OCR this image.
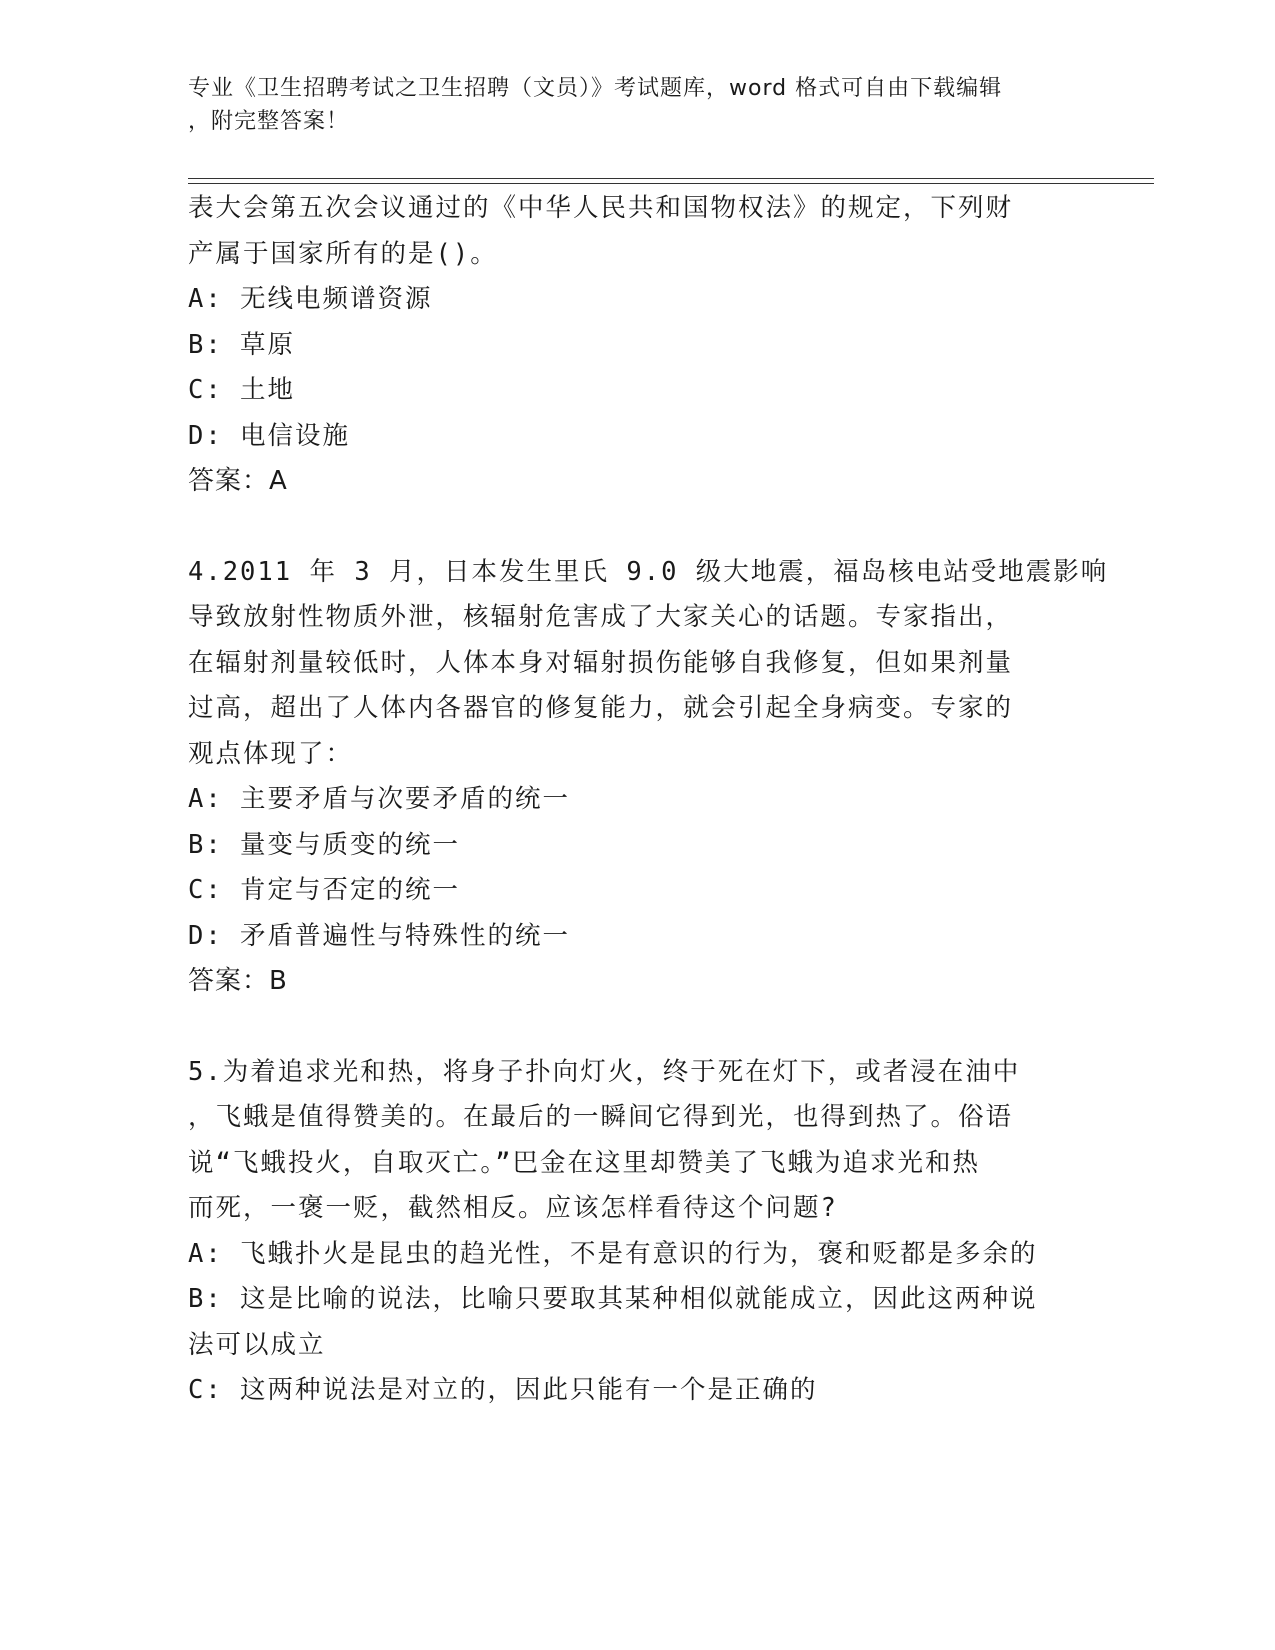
专业《卫生招聘考试之卫生招聘（文员）》考试题库，word 格式可自由下载编辑
，附完整答案！
表大会第五次会议通过的《中华人民共和国物权法》的规定，下列财
产属于国家所有的是()。
A: 无线电频谱资源
B: 草原
C: 土地
D: 电信设施
答案：A
4.2011 年 3 月，日本发生里氏 9.0 级大地震，福岛核电站受地震影响
导致放射性物质外泄，核辐射危害成了大家关心的话题。专家指出，
在辐射剂量较低时，人体本身对辐射损伤能够自我修复，但如果剂量
过高，超出了人体内各器官的修复能力，就会引起全身病变。专家的
观点体现了：
A: 主要矛盾与次要矛盾的统一
B: 量变与质变的统一
C: 肯定与否定的统一
D: 矛盾普遍性与特殊性的统一
答案：B
5.为着追求光和热，将身子扑向灯火，终于死在灯下，或者浸在油中
，飞蛾是值得赞美的。在最后的一瞬间它得到光，也得到热了。俗语
说“飞蛾投火，自取灭亡。”巴金在这里却赞美了飞蛾为追求光和热
而死，一褒一贬，截然相反。应该怎样看待这个问题?
A: 飞蛾扑火是昆虫的趋光性，不是有意识的行为，褒和贬都是多余的
B: 这是比喻的说法，比喻只要取其某种相似就能成立，因此这两种说
法可以成立
C: 这两种说法是对立的，因此只能有一个是正确的
